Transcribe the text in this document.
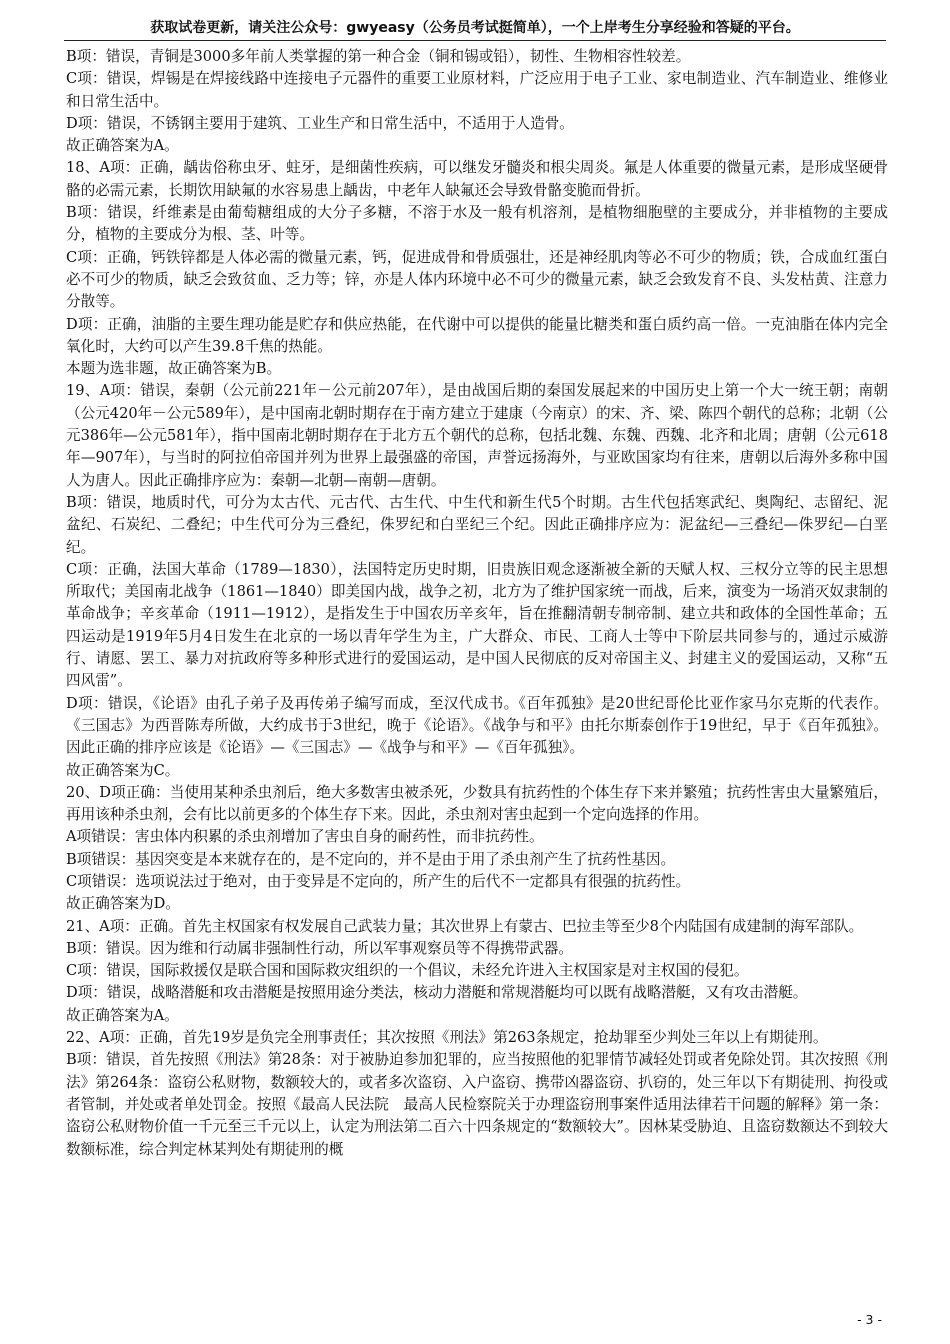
获取试卷更新，请关注公众号：gwyeasy（公务员考试挺简单），一个上岸考生分享经验和答疑的平台。

B项：错误，青铜是3000多年前人类掌握的第一种合金（铜和锡或铅），韧性、生物相容性较差。

C项：错误，焊锡是在焊接线路中连接电子元器件的重要工业原材料，广泛应用于电子工业、家电制造业、汽车制造业、维修业和日常生活中。

D项：错误，不锈钢主要用于建筑、工业生产和日常生活中，不适用于人造骨。

故正确答案为A。

18、A项：正确，龋齿俗称虫牙、蛀牙，是细菌性疾病，可以继发牙髓炎和根尖周炎。氟是人体重要的微量元素，是形成坚硬骨骼的必需元素，长期饮用缺氟的水容易患上龋齿，中老年人缺氟还会导致骨骼变脆而骨折。

B项：错误，纤维素是由葡萄糖组成的大分子多糖，不溶于水及一般有机溶剂，是植物细胞壁的主要成分，并非植物的主要成分，植物的主要成分为根、茎、叶等。

C项：正确，钙铁锌都是人体必需的微量元素，钙，促进成骨和骨质强壮，还是神经肌肉等必不可少的物质；铁，合成血红蛋白必不可少的物质，缺乏会致贫血、乏力等；锌，亦是人体内环境中必不可少的微量元素，缺乏会致发育不良、头发枯黄、注意力分散等。

D项：正确，油脂的主要生理功能是贮存和供应热能，在代谢中可以提供的能量比糖类和蛋白质约高一倍。一克油脂在体内完全氧化时，大约可以产生39.8千焦的热能。

本题为选非题，故正确答案为B。

19、A项：错误，秦朝（公元前221年－公元前207年），是由战国后期的秦国发展起来的中国历史上第一个大一统王朝；南朝（公元420年－公元589年），是中国南北朝时期存在于南方建立于建康（今南京）的宋、齐、梁、陈四个朝代的总称；北朝（公元386年—公元581年），指中国南北朝时期存在于北方五个朝代的总称，包括北魏、东魏、西魏、北齐和北周；唐朝（公元618年—907年），与当时的阿拉伯帝国并列为世界上最强盛的帝国，声誉远扬海外，与亚欧国家均有往来，唐朝以后海外多称中国人为唐人。因此正确排序应为：秦朝—北朝—南朝—唐朝。

B项：错误，地质时代，可分为太古代、元古代、古生代、中生代和新生代5个时期。古生代包括寒武纪、奥陶纪、志留纪、泥盆纪、石炭纪、二叠纪；中生代可分为三叠纪，侏罗纪和白垩纪三个纪。因此正确排序应为：泥盆纪—三叠纪—侏罗纪—白垩纪。

C项：正确，法国大革命（1789—1830），法国特定历史时期，旧贵族旧观念逐渐被全新的天赋人权、三权分立等的民主思想所取代；美国南北战争（1861—1840）即美国内战，战争之初，北方为了维护国家统一而战，后来，演变为一场消灭奴隶制的革命战争；辛亥革命（1911—1912），是指发生于中国农历辛亥年，旨在推翻清朝专制帝制、建立共和政体的全国性革命；五四运动是1919年5月4日发生在北京的一场以青年学生为主，广大群众、市民、工商人士等中下阶层共同参与的，通过示威游行、请愿、罢工、暴力对抗政府等多种形式进行的爱国运动，是中国人民彻底的反对帝国主义、封建主义的爱国运动，又称“五四风雷”。

D项：错误，《论语》由孔子弟子及再传弟子编写而成，至汉代成书。《百年孤独》是20世纪哥伦比亚作家马尔克斯的代表作。《三国志》为西晋陈寿所做，大约成书于3世纪，晚于《论语》。《战争与和平》由托尔斯泰创作于19世纪，早于《百年孤独》。因此正确的排序应该是《论语》—《三国志》—《战争与和平》—《百年孤独》。

故正确答案为C。

20、D项正确：当使用某种杀虫剂后，绝大多数害虫被杀死，少数具有抗药性的个体生存下来并繁殖；抗药性害虫大量繁殖后，再用该种杀虫剂，会有比以前更多的个体生存下来。因此，杀虫剂对害虫起到一个定向选择的作用。

A项错误：害虫体内积累的杀虫剂增加了害虫自身的耐药性，而非抗药性。

B项错误：基因突变是本来就存在的，是不定向的，并不是由于用了杀虫剂产生了抗药性基因。

C项错误：选项说法过于绝对，由于变异是不定向的，所产生的后代不一定都具有很强的抗药性。

故正确答案为D。

21、A项：正确。首先主权国家有权发展自己武装力量；其次世界上有蒙古、巴拉圭等至少8个内陆国有成建制的海军部队。

B项：错误。因为维和行动属非强制性行动，所以军事观察员等不得携带武器。

C项：错误，国际救援仅是联合国和国际救灾组织的一个倡议，未经允许进入主权国家是对主权国的侵犯。

D项：错误，战略潜艇和攻击潜艇是按照用途分类法，核动力潜艇和常规潜艇均可以既有战略潜艇，又有攻击潜艇。

故正确答案为A。

22、A项：正确，首先19岁是负完全刑事责任；其次按照《刑法》第263条规定，抢劫罪至少判处三年以上有期徒刑。

B项：错误，首先按照《刑法》第28条：对于被胁迫参加犯罪的，应当按照他的犯罪情节减轻处罚或者免除处罚。其次按照《刑法》第264条：盗窃公私财物，数额较大的，或者多次盗窃、入户盗窃、携带凶器盗窃、扒窃的，处三年以下有期徒刑、拘役或者管制，并处或者单处罚金。按照《最高人民法院　最高人民检察院关于办理盗窃刑事案件适用法律若干问题的解释》第一条：盗窃公私财物价值一千元至三千元以上，认定为刑法第二百六十四条规定的“数额较大”。因林某受胁迫、且盗窃数额达不到较大数额标准，综合判定林某判处有期徒刑的概

- 3 -
